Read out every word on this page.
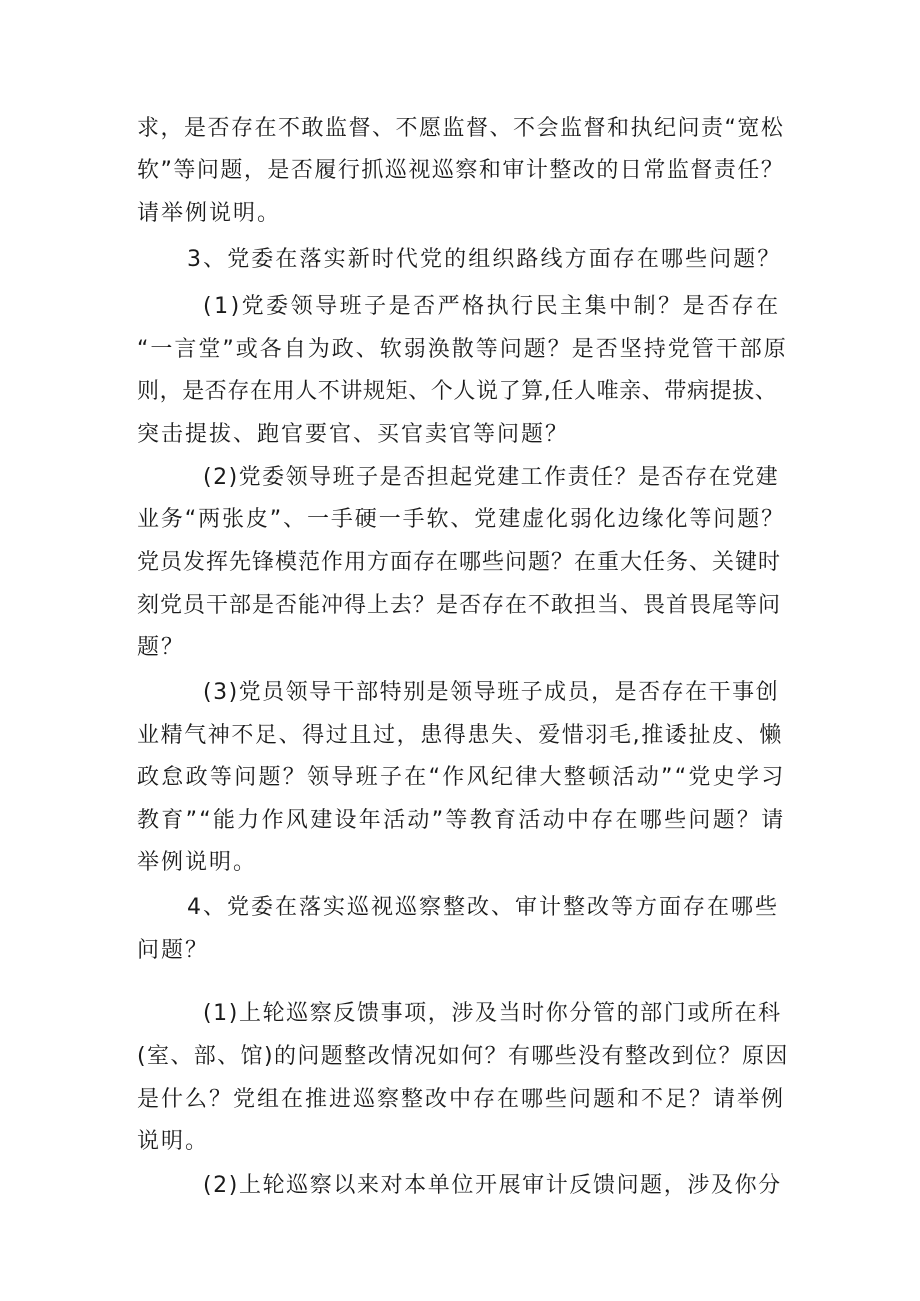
求，是否存在不敢监督、不愿监督、不会监督和执纪问责“宽松
软”等问题，是否履行抓巡视巡察和审计整改的日常监督责任？
请举例说明。
3、党委在落实新时代党的组织路线方面存在哪些问题？
(1)党委领导班子是否严格执行民主集中制？是否存在
“一言堂”或各自为政、软弱涣散等问题？是否坚持党管干部原
则，是否存在用人不讲规矩、个人说了算,任人唯亲、带病提拔、
突击提拔、跑官要官、买官卖官等问题？
(2)党委领导班子是否担起党建工作责任？是否存在党建
业务“两张皮”、一手硬一手软、党建虚化弱化边缘化等问题？
党员发挥先锋模范作用方面存在哪些问题？在重大任务、关键时
刻党员干部是否能冲得上去？是否存在不敢担当、畏首畏尾等问
题？
(3)党员领导干部特别是领导班子成员，是否存在干事创
业精气神不足、得过且过，患得患失、爱惜羽毛,推诿扯皮、懒
政怠政等问题？领导班子在“作风纪律大整顿活动”“党史学习
教育”“能力作风建设年活动”等教育活动中存在哪些问题？请
举例说明。
4、党委在落实巡视巡察整改、审计整改等方面存在哪些
问题？
(1)上轮巡察反馈事项，涉及当时你分管的部门或所在科
(室、部、馆)的问题整改情况如何？有哪些没有整改到位？原因
是什么？党组在推进巡察整改中存在哪些问题和不足？请举例
说明。
(2)上轮巡察以来对本单位开展审计反馈问题，涉及你分
